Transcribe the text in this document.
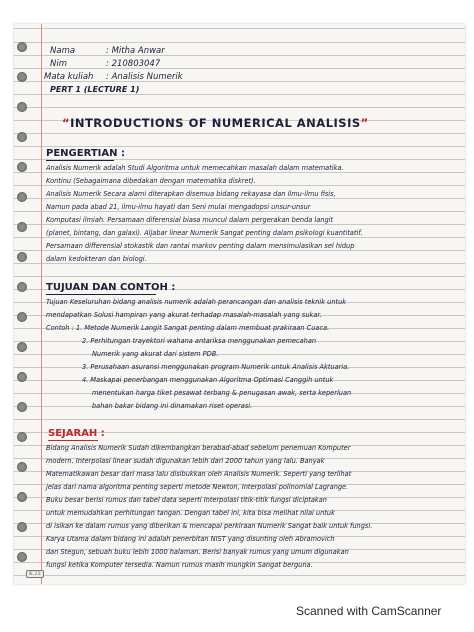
Nama	: Mitha Anwar
Nim	: 210803047
Mata kuliah : Analisis Numerik
PERT 1 (LECTURE 1)
“INTRODUCTIONS OF NUMERICAL ANALISIS”
PENGERTIAN :
Analisis Numerik adalah Studi Algoritma untuk memecahkan masalah dalam matematika.
Kontinu (Sebagaimana dibedakan dengan matematika diskret).
Analisis Numerik Secara alami diterapkan disemua bidang rekayasa dan ilmu-ilmu fisis,
Namun pada abad 21, ilmu-ilmu hayati dan Seni mulai mengadopsi unsur-unsur
Komputasi ilmiah. Persamaan diferensial biasa muncul dalam pergerakan benda langit
(planet, bintang, dan galaxi). Aljabar linear Numerik Sangat penting dalam psikologi kuantitatif.
Persamaan differensial stokastik dan rantai markov penting dalam mensimulasikan sel hidup
dalam kedokteran dan biologi.
TUJUAN DAN CONTOH :
Tujuan Keseluruhan bidang analisis numerik adalah perancangan dan analisis teknik untuk
mendapatkan Solusi hampiran yang akurat terhadap masalah-masalah yang sukar.
Contoh : 1. Metode Numerik Langit Sangat penting dalam membuat prakiraan Cuaca.
2. Perhitungan trayektori wahana antariksa menggunakan pemecahan
Numerik yang akurat dari sistem PDB.
3. Perusahaan asuransi menggunakan program Numerik untuk Analisis Aktuaria.
4. Maskapai penerbangan menggunakan Algoritma Optimasi Canggih untuk
menentukan harga tiket pesawat terbang & penugasan awak, serta keperluan
bahan bakar bidang ini dinamakan riset operasi.
SEJARAH :
Bidang Analisis Numerik Sudah dikembangkan berabad-abad sebelum penemuan Komputer
modern. Interpolasi linear sudah digunakan lebih dari 2000 tahun yang lalu. Banyak
Matematikawan besar dari masa lalu disibukkan oleh Analisis Numerik. Seperti yang terlihat
jelas dari nama algoritma penting seperti metode Newton, Interpolasi polinomial Lagrange.
Buku besar berisi rumus dan tabel data seperti Interpolasi titik-titik fungsi diciptakan
untuk memudahkan perhitungan tangan. Dengan tabel ini, kita bisa melihat nilai untuk
di isikan ke dalam rumus yang diberikan & mencapai perkiraan Numerik Sangat baik untuk fungsi.
Karya Utama dalam bidang ini adalah penerbitan NIST yang disunting oleh Abramovich
dan Stegun, sebuah buku lebih 1000 halaman. Berisi banyak rumus yang umum digunakan
fungsi ketika Komputer tersedia. Namun rumus masih mungkin Sangat berguna.
K.23
Scanned with CamScanner
